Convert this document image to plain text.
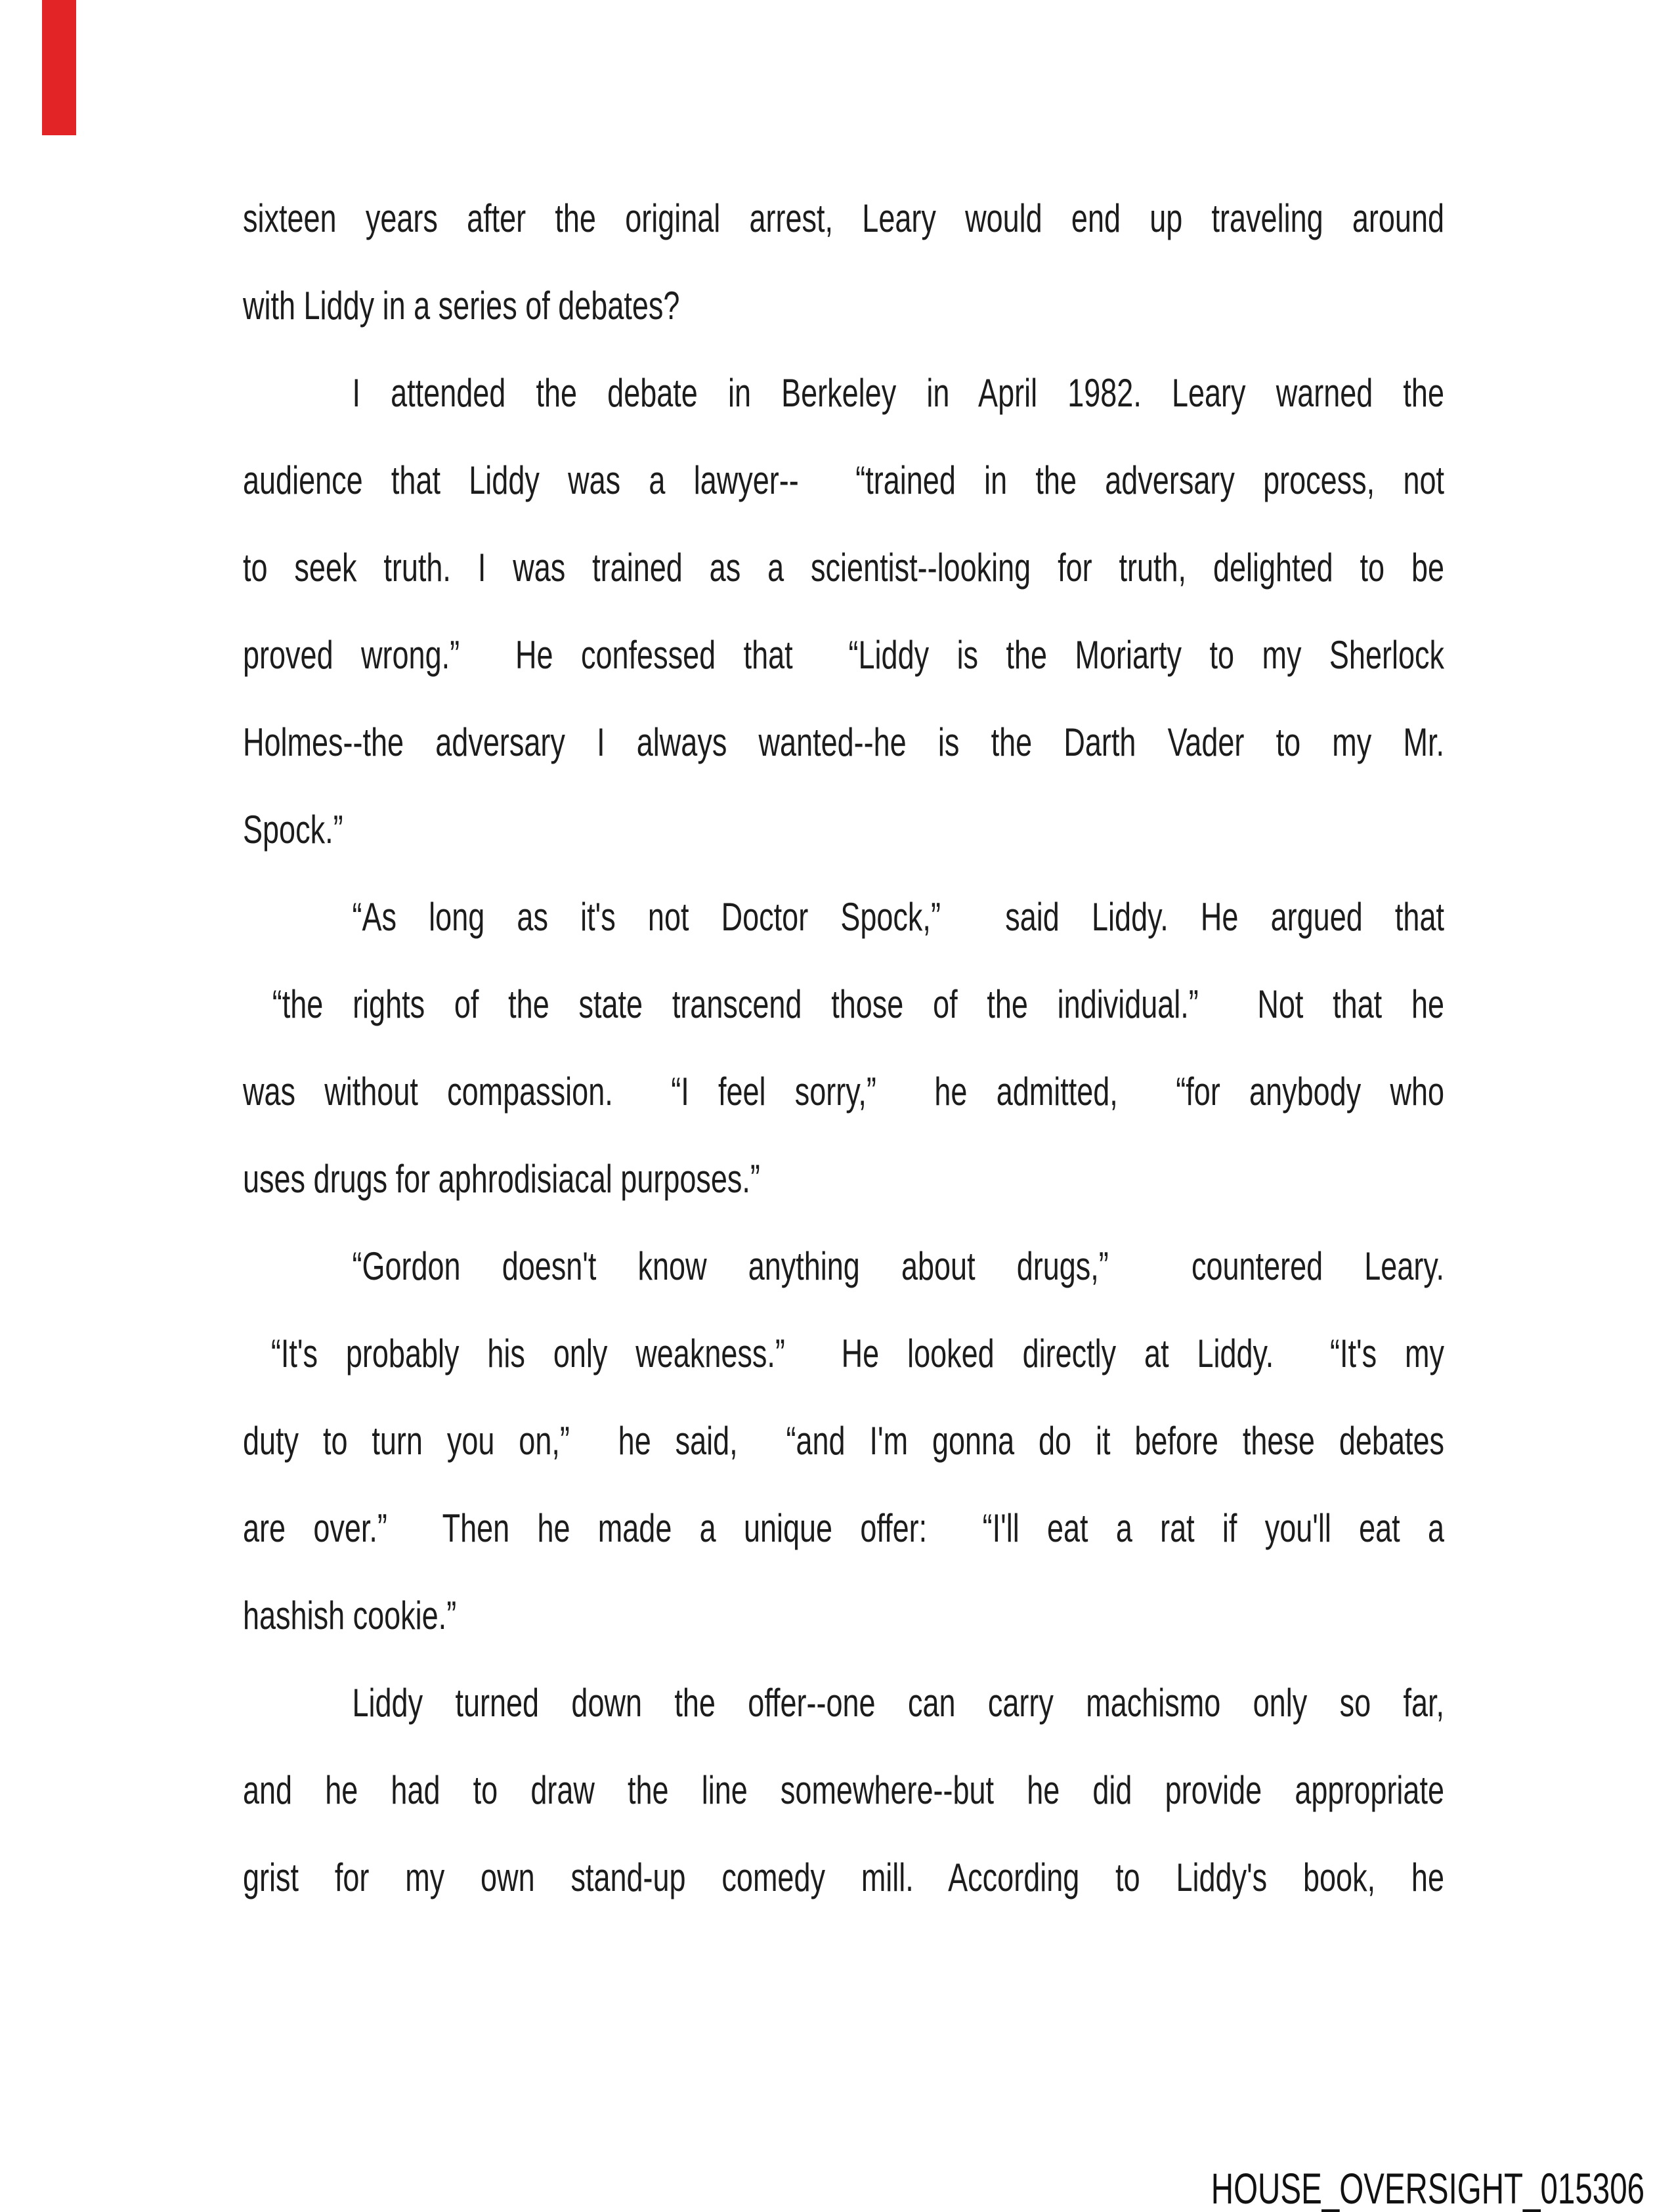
sixteen years after the original arrest, Leary would end up traveling around
with Liddy in a series of debates?
I attended the debate in Berkeley in April 1982. Leary warned the
audience that Liddy was a lawyer--  “trained in the adversary process, not
to seek truth. I was trained as a scientist--looking for truth, delighted to be
proved wrong.”  He confessed that  “Liddy is the Moriarty to my Sherlock
Holmes--the adversary I always wanted--he is the Darth Vader to my Mr.
Spock.”
“As long as it's not Doctor Spock,”  said Liddy. He argued that
“the rights of the state transcend those of the individual.”  Not that he
was without compassion.  “I feel sorry,”  he admitted,  “for anybody who
uses drugs for aphrodisiacal purposes.”
“Gordon doesn't know anything about drugs,”  countered Leary.
“It's probably his only weakness.”  He looked directly at Liddy.  “It's my
duty to turn you on,”  he said,  “and I'm gonna do it before these debates
are over.”  Then he made a unique offer:  “I'll eat a rat if you'll eat a
hashish cookie.”
Liddy turned down the offer--one can carry machismo only so far,
and he had to draw the line somewhere--but he did provide appropriate
grist for my own stand-up comedy mill. According to Liddy's book, he
HOUSE_OVERSIGHT_015306
